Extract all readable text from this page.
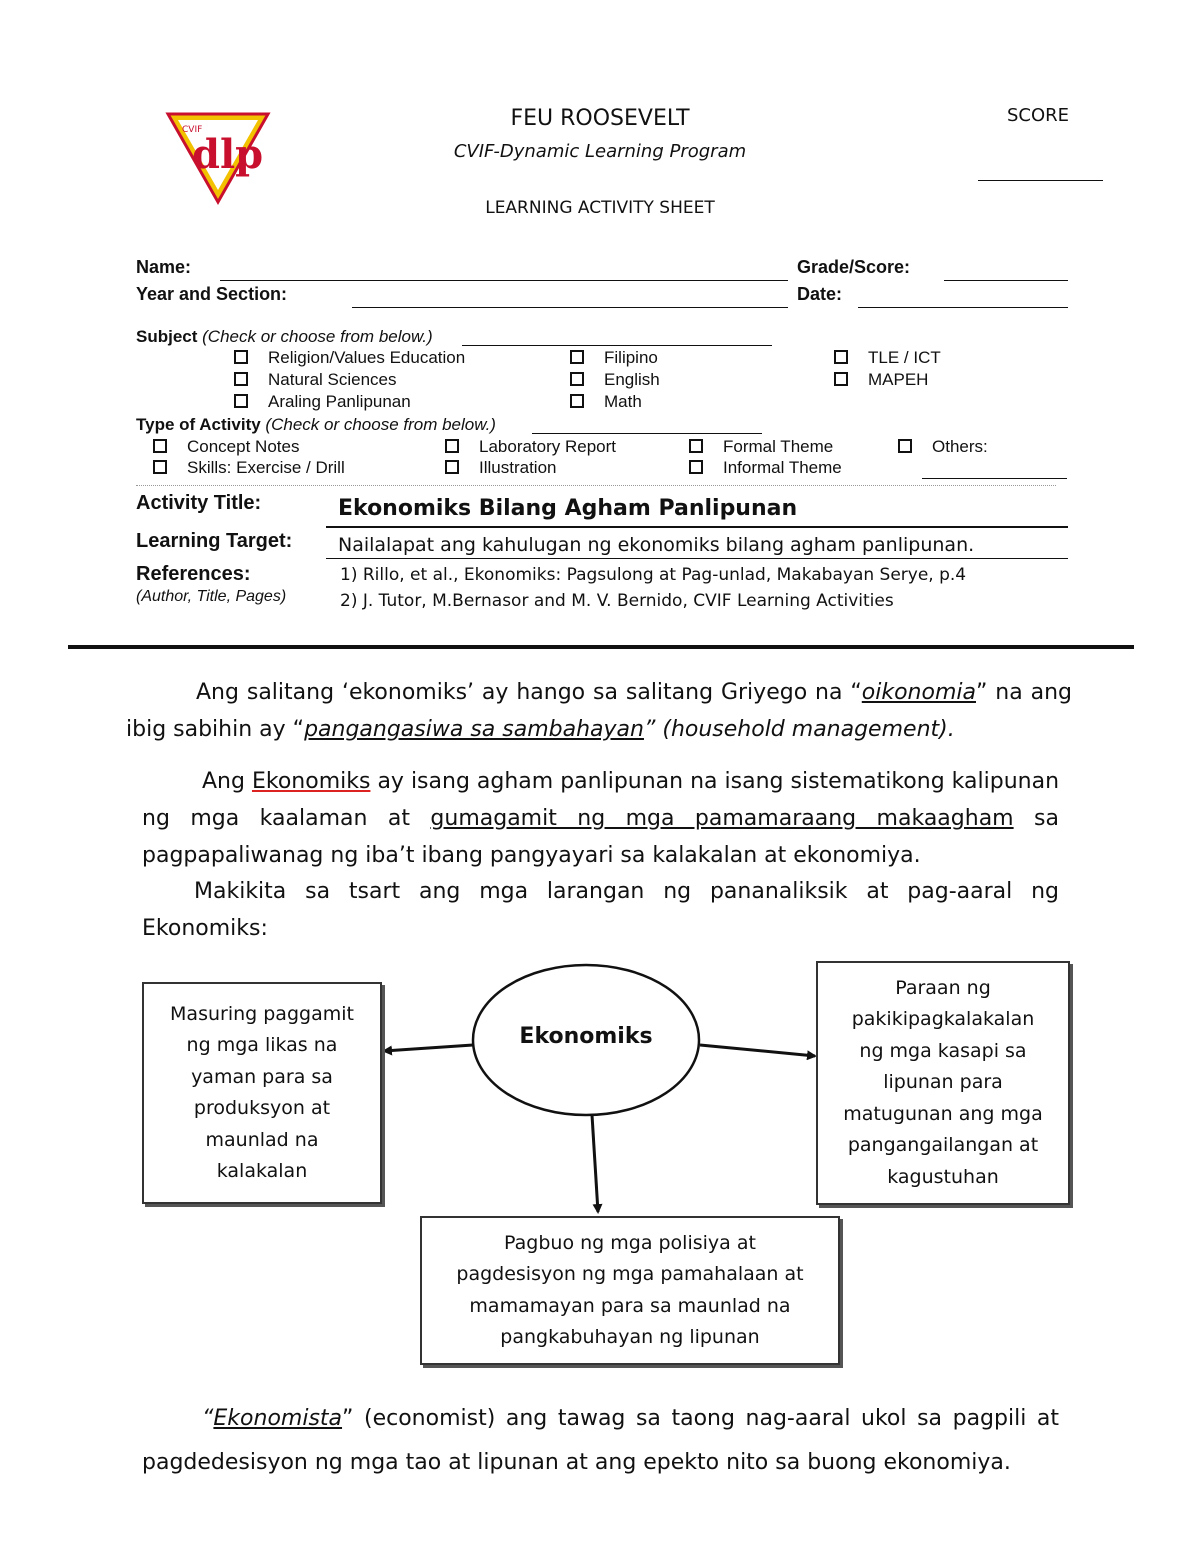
CVIF
dlp
FEU ROOSEVELT
CVIF-Dynamic Learning Program
LEARNING ACTIVITY SHEET
SCORE
Name:	Grade/Score:
Year and Section:	Date:
Subject (Check or choose from below.)
Religion/Values Education
Natural Sciences
Araling Panlipunan
Filipino
English
Math
TLE / ICT
MAPEH
Type of Activity (Check or choose from below.)
Concept Notes
Skills: Exercise / Drill
Laboratory Report
Illustration
Formal Theme
Informal Theme
Others:
Activity Title:	Ekonomiks Bilang Agham Panlipunan
Learning Target: Nailalapat ang kahulugan ng ekonomiks bilang agham panlipunan.
References:
(Author, Title, Pages)
1) Rillo, et al., Ekonomiks: Pagsulong at Pag-unlad, Makabayan Serye, p.4
2) J. Tutor, M.Bernasor and M. V. Bernido, CVIF Learning Activities
Ang salitang ‘ekonomiks’ ay hango sa salitang Griyego na “oikonomia” na ang ibig sabihin ay “pangangasiwa sa sambahayan” (household management).
Ang Ekonomiks ay isang agham panlipunan na isang sistematikong kalipunan ng mga kaalaman at gumagamit ng mga pamamaraang makaagham sa pagpapaliwanag ng iba’t ibang pangyayari sa kalakalan at ekonomiya.
Makikita sa tsart ang mga larangan ng pananaliksik at pag-aaral ng Ekonomiks:
Ekonomiks
Masuring paggamit ng mga likas na yaman para sa produksyon at maunlad na kalakalan
Paraan ng pakikipagkalakalan ng mga kasapi sa lipunan para matugunan ang mga pangangailangan at kagustuhan
Pagbuo ng mga polisiya at pagdesisyon ng mga pamahalaan at mamamayan para sa maunlad na pangkabuhayan ng lipunan
“Ekonomista” (economist) ang tawag sa taong nag-aaral ukol sa pagpili at pagdedesisyon ng mga tao at lipunan at ang epekto nito sa buong ekonomiya.
